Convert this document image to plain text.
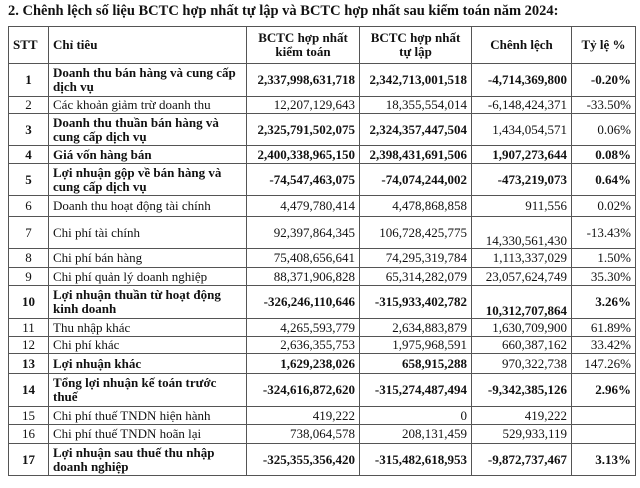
2. Chênh lệch số liệu BCTC hợp nhất tự lập và BCTC hợp nhất sau kiểm toán năm 2024:
STT	Chỉ tiêu	BCTC hợp nhất kiểm toán	BCTC hợp nhất tự lập	Chênh lệch	Tỷ lệ %
1	Doanh thu bán hàng và cung cấp dịch vụ	2,337,998,631,718	2,342,713,001,518	-4,714,369,800	-0.20%
2	Các khoản giảm trừ doanh thu	12,207,129,643	18,355,554,014	-6,148,424,371	-33.50%
3	Doanh thu thuần bán hàng và cung cấp dịch vụ	2,325,791,502,075	2,324,357,447,504	1,434,054,571	0.06%
4	Giá vốn hàng bán	2,400,338,965,150	2,398,431,691,506	1,907,273,644	0.08%
5	Lợi nhuận gộp về bán hàng và cung cấp dịch vụ	-74,547,463,075	-74,074,244,002	-473,219,073	0.64%
6	Doanh thu hoạt động tài chính	4,479,780,414	4,478,868,858	911,556	0.02%
7	Chi phí tài chính	92,397,864,345	106,728,425,775	14,330,561,430	-13.43%
8	Chi phí bán hàng	75,408,656,641	74,295,319,784	1,113,337,029	1.50%
9	Chi phí quản lý doanh nghiệp	88,371,906,828	65,314,282,079	23,057,624,749	35.30%
10	Lợi nhuận thuần từ hoạt động kinh doanh	-326,246,110,646	-315,933,402,782	10,312,707,864	3.26%
11	Thu nhập khác	4,265,593,779	2,634,883,879	1,630,709,900	61.89%
12	Chi phí khác	2,636,355,753	1,975,968,591	660,387,162	33.42%
13	Lợi nhuận khác	1,629,238,026	658,915,288	970,322,738	147.26%
14	Tổng lợi nhuận kế toán trước thuế	-324,616,872,620	-315,274,487,494	-9,342,385,126	2.96%
15	Chi phí thuế TNDN hiện hành	419,222	0	419,222	
16	Chi phí thuế TNDN hoãn lại	738,064,578	208,131,459	529,933,119	
17	Lợi nhuận sau thuế thu nhập doanh nghiệp	-325,355,356,420	-315,482,618,953	-9,872,737,467	3.13%
